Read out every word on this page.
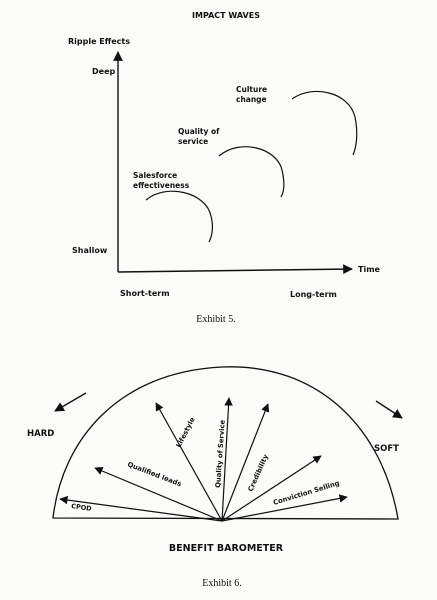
IMPACT WAVES
Ripple Effects
Deep
Shallow
Time
Short-term	Long-term
Salesforce
effectiveness
Quality of
service
Culture
change
Exhibit 5.
HARD
SOFT
CPOD
Qualified leads
Lifestyle	Quality of Service	Credibility
Conviction Selling
BENEFIT BAROMETER
Exhibit 6.
